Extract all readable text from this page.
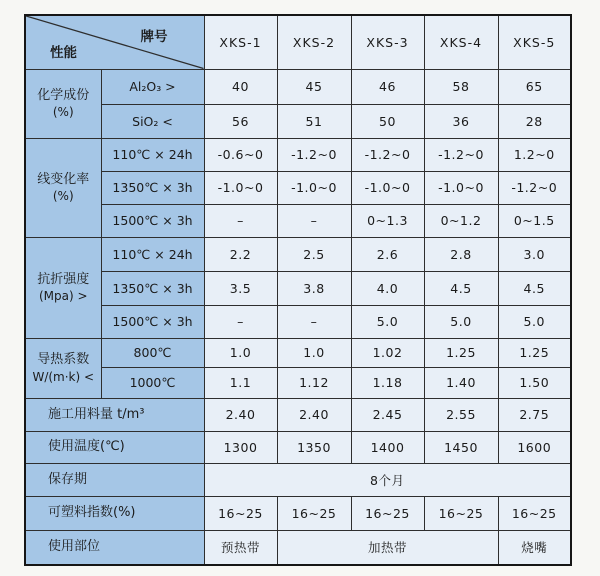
牌号
性能		XKS-1	XKS-2	XKS-3	XKS-4	XKS-5
化学成份
(%)	Al₂O₃ >	40	45	46	58	65
	SiO₂ <	56	51	50	36	28
线变化率
(%)	110℃ × 24h	-0.6~0	-1.2~0	-1.2~0	-1.2~0	1.2~0
	1350℃ × 3h	-1.0~0	-1.0~0	-1.0~0	-1.0~0	-1.2~0
	1500℃ × 3h	–	–	0~1.3	0~1.2	0~1.5
抗折强度
(Mpa) >	110℃ × 24h	2.2	2.5	2.6	2.8	3.0
	1350℃ × 3h	3.5	3.8	4.0	4.5	4.5
	1500℃ × 3h	–	–	5.0	5.0	5.0
导热系数
W/(m·k) <	800℃	1.0	1.0	1.02	1.25	1.25
	1000℃	1.1	1.12	1.18	1.40	1.50
施工用料量 t/m³		2.40	2.40	2.45	2.55	2.75
使用温度(℃)		1300	1350	1400	1450	1600
保存期		8个月				
可塑料指数(%)		16~25	16~25	16~25	16~25	16~25
使用部位		预热带	加热带			烧嘴
